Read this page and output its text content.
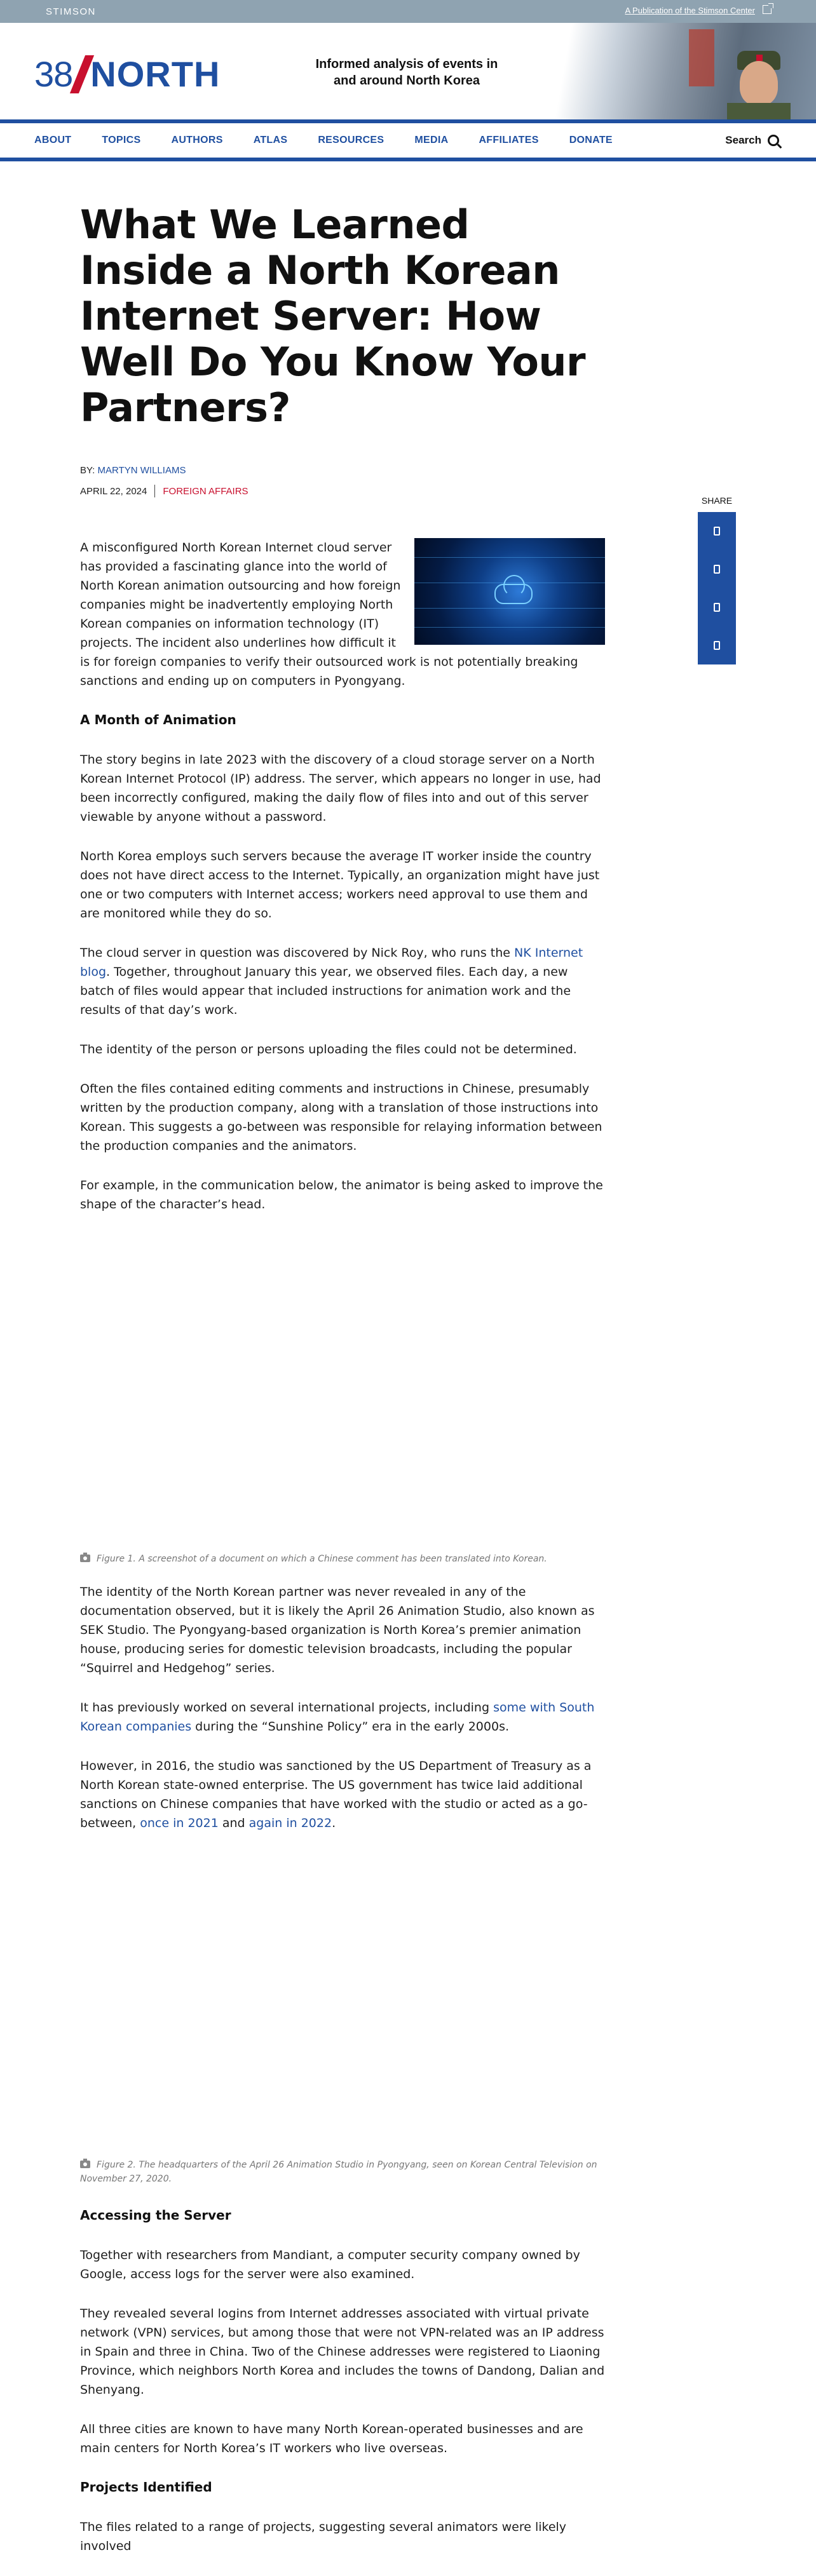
STIMSON	A Publication of the Stimson Center
38 NORTH	Informed analysis of events in and around North Korea
ABOUT	TOPICS	AUTHORS	ATLAS	RESOURCES	MEDIA	AFFILIATES	DONATE	Search
SHARE
What We Learned Inside a North Korean Internet Server: How Well Do You Know Your Partners?
BY: MARTYN WILLIAMS
APRIL 22, 2024 FOREIGN AFFAIRS

A misconfigured North Korean Internet cloud server has provided a fascinating glance into the world of North Korean animation outsourcing and how foreign companies might be inadvertently employing North Korean companies on information technology (IT) projects. The incident also underlines how difficult it is for foreign companies to verify their outsourced work is not potentially breaking sanctions and ending up on computers in Pyongyang.

A Month of Animation

The story begins in late 2023 with the discovery of a cloud storage server on a North Korean Internet Protocol (IP) address. The server, which appears no longer in use, had been incorrectly configured, making the daily flow of files into and out of this server viewable by anyone without a password.

North Korea employs such servers because the average IT worker inside the country does not have direct access to the Internet. Typically, an organization might have just one or two computers with Internet access; workers need approval to use them and are monitored while they do so.

The cloud server in question was discovered by Nick Roy, who runs the NK Internet blog. Together, throughout January this year, we observed files. Each day, a new batch of files would appear that included instructions for animation work and the results of that day’s work.

The identity of the person or persons uploading the files could not be determined.

Often the files contained editing comments and instructions in Chinese, presumably written by the production company, along with a translation of those instructions into Korean. This suggests a go-between was responsible for relaying information between the production companies and the animators.

For example, in the communication below, the animator is being asked to improve the shape of the character’s head.

Figure 1. A screenshot of a document on which a Chinese comment has been translated into Korean.

The identity of the North Korean partner was never revealed in any of the documentation observed, but it is likely the April 26 Animation Studio, also known as SEK Studio. The Pyongyang-based organization is North Korea’s premier animation house, producing series for domestic television broadcasts, including the popular “Squirrel and Hedgehog” series.

It has previously worked on several international projects, including some with South Korean companies during the “Sunshine Policy” era in the early 2000s.

However, in 2016, the studio was sanctioned by the US Department of Treasury as a North Korean state-owned enterprise. The US government has twice laid additional sanctions on Chinese companies that have worked with the studio or acted as a go-between, once in 2021 and again in 2022.

Figure 2. The headquarters of the April 26 Animation Studio in Pyongyang, seen on Korean Central Television on November 27, 2020.
Accessing the Server

Together with researchers from Mandiant, a computer security company owned by Google, access logs for the server were also examined.

They revealed several logins from Internet addresses associated with virtual private network (VPN) services, but among those that were not VPN-related was an IP address in Spain and three in China. Two of the Chinese addresses were registered to Liaoning Province, which neighbors North Korea and includes the towns of Dandong, Dalian and Shenyang.

All three cities are known to have many North Korean-operated businesses and are main centers for North Korea’s IT workers who live overseas.

Projects Identified

The files related to a range of projects, suggesting several animators were likely involved
